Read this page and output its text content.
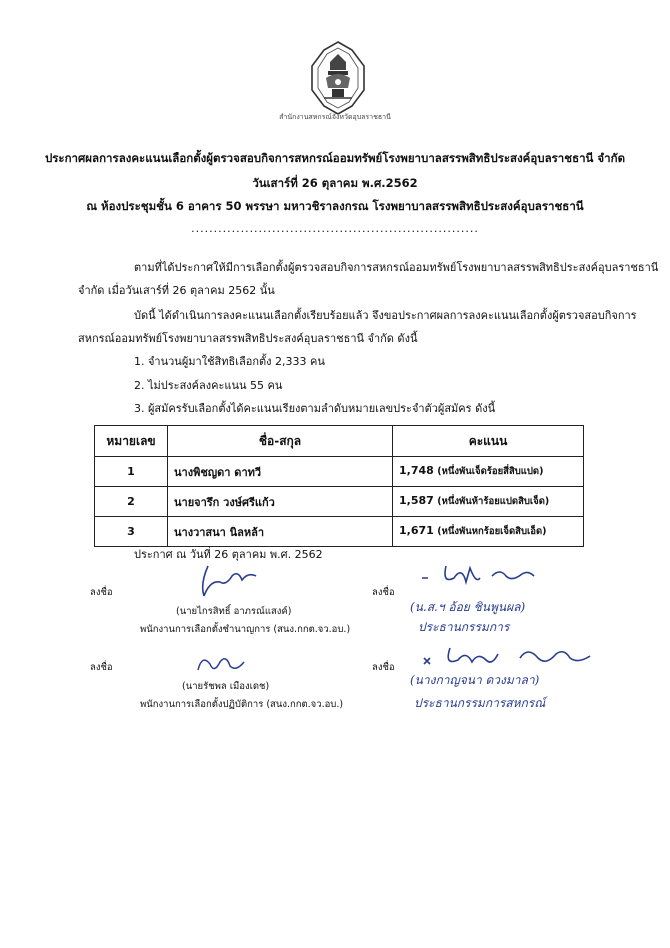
สำนักงานสหกรณ์จังหวัดอุบลราชธานี
ประกาศผลการลงคะแนนเลือกตั้งผู้ตรวจสอบกิจการสหกรณ์ออมทรัพย์โรงพยาบาลสรรพสิทธิประสงค์อุบลราชธานี จำกัด
วันเสาร์ที่ 26 ตุลาคม พ.ศ.2562
ณ ห้องประชุมชั้น 6 อาคาร 50 พรรษา มหาวชิราลงกรณ โรงพยาบาลสรรพสิทธิประสงค์อุบลราชธานี
................................................................
ตามที่ได้ประกาศให้มีการเลือกตั้งผู้ตรวจสอบกิจการสหกรณ์ออมทรัพย์โรงพยาบาลสรรพสิทธิประสงค์อุบลราชธานี
จำกัด เมื่อวันเสาร์ที่ 26 ตุลาคม 2562 นั้น
บัดนี้ ได้ดำเนินการลงคะแนนเลือกตั้งเรียบร้อยแล้ว จึงขอประกาศผลการลงคะแนนเลือกตั้งผู้ตรวจสอบกิจการ
สหกรณ์ออมทรัพย์โรงพยาบาลสรรพสิทธิประสงค์อุบลราชธานี จำกัด ดังนี้
1. จำนวนผู้มาใช้สิทธิเลือกตั้ง 2,333 คน
2. ไม่ประสงค์ลงคะแนน 55 คน
3. ผู้สมัครรับเลือกตั้งได้คะแนนเรียงตามลำดับหมายเลขประจำตัวผู้สมัคร ดังนี้
หมายเลข	ชื่อ-สกุล	คะแนน
1	นางพิชญดา ดาทวี	1,748 (หนึ่งพันเจ็ดร้อยสี่สิบแปด)
2	นายจารึก วงษ์ศรีแก้ว	1,587 (หนึ่งพันห้าร้อยแปดสิบเจ็ด)
3	นางวาสนา นิลหล้า	1,671 (หนึ่งพันหกร้อยเจ็ดสิบเอ็ด)
ประกาศ ณ วันที่ 26 ตุลาคม พ.ศ. 2562
ลงชื่อ
(นายไกรสิทธิ์ อาภรณ์แสงค์)
พนักงานการเลือกตั้งชำนาญการ (สนง.กกต.จว.อบ.)
ลงชื่อ
(นายรัชพล เมืองเดช)
พนักงานการเลือกตั้งปฏิบัติการ (สนง.กกต.จว.อบ.)
ลงชื่อ
(น.ส.ฯ อ้อย ชินพูนผล)
ประธานกรรมการ
ลงชื่อ
(นางกาญจนา ดวงมาลา)
ประธานกรรมการสหกรณ์
